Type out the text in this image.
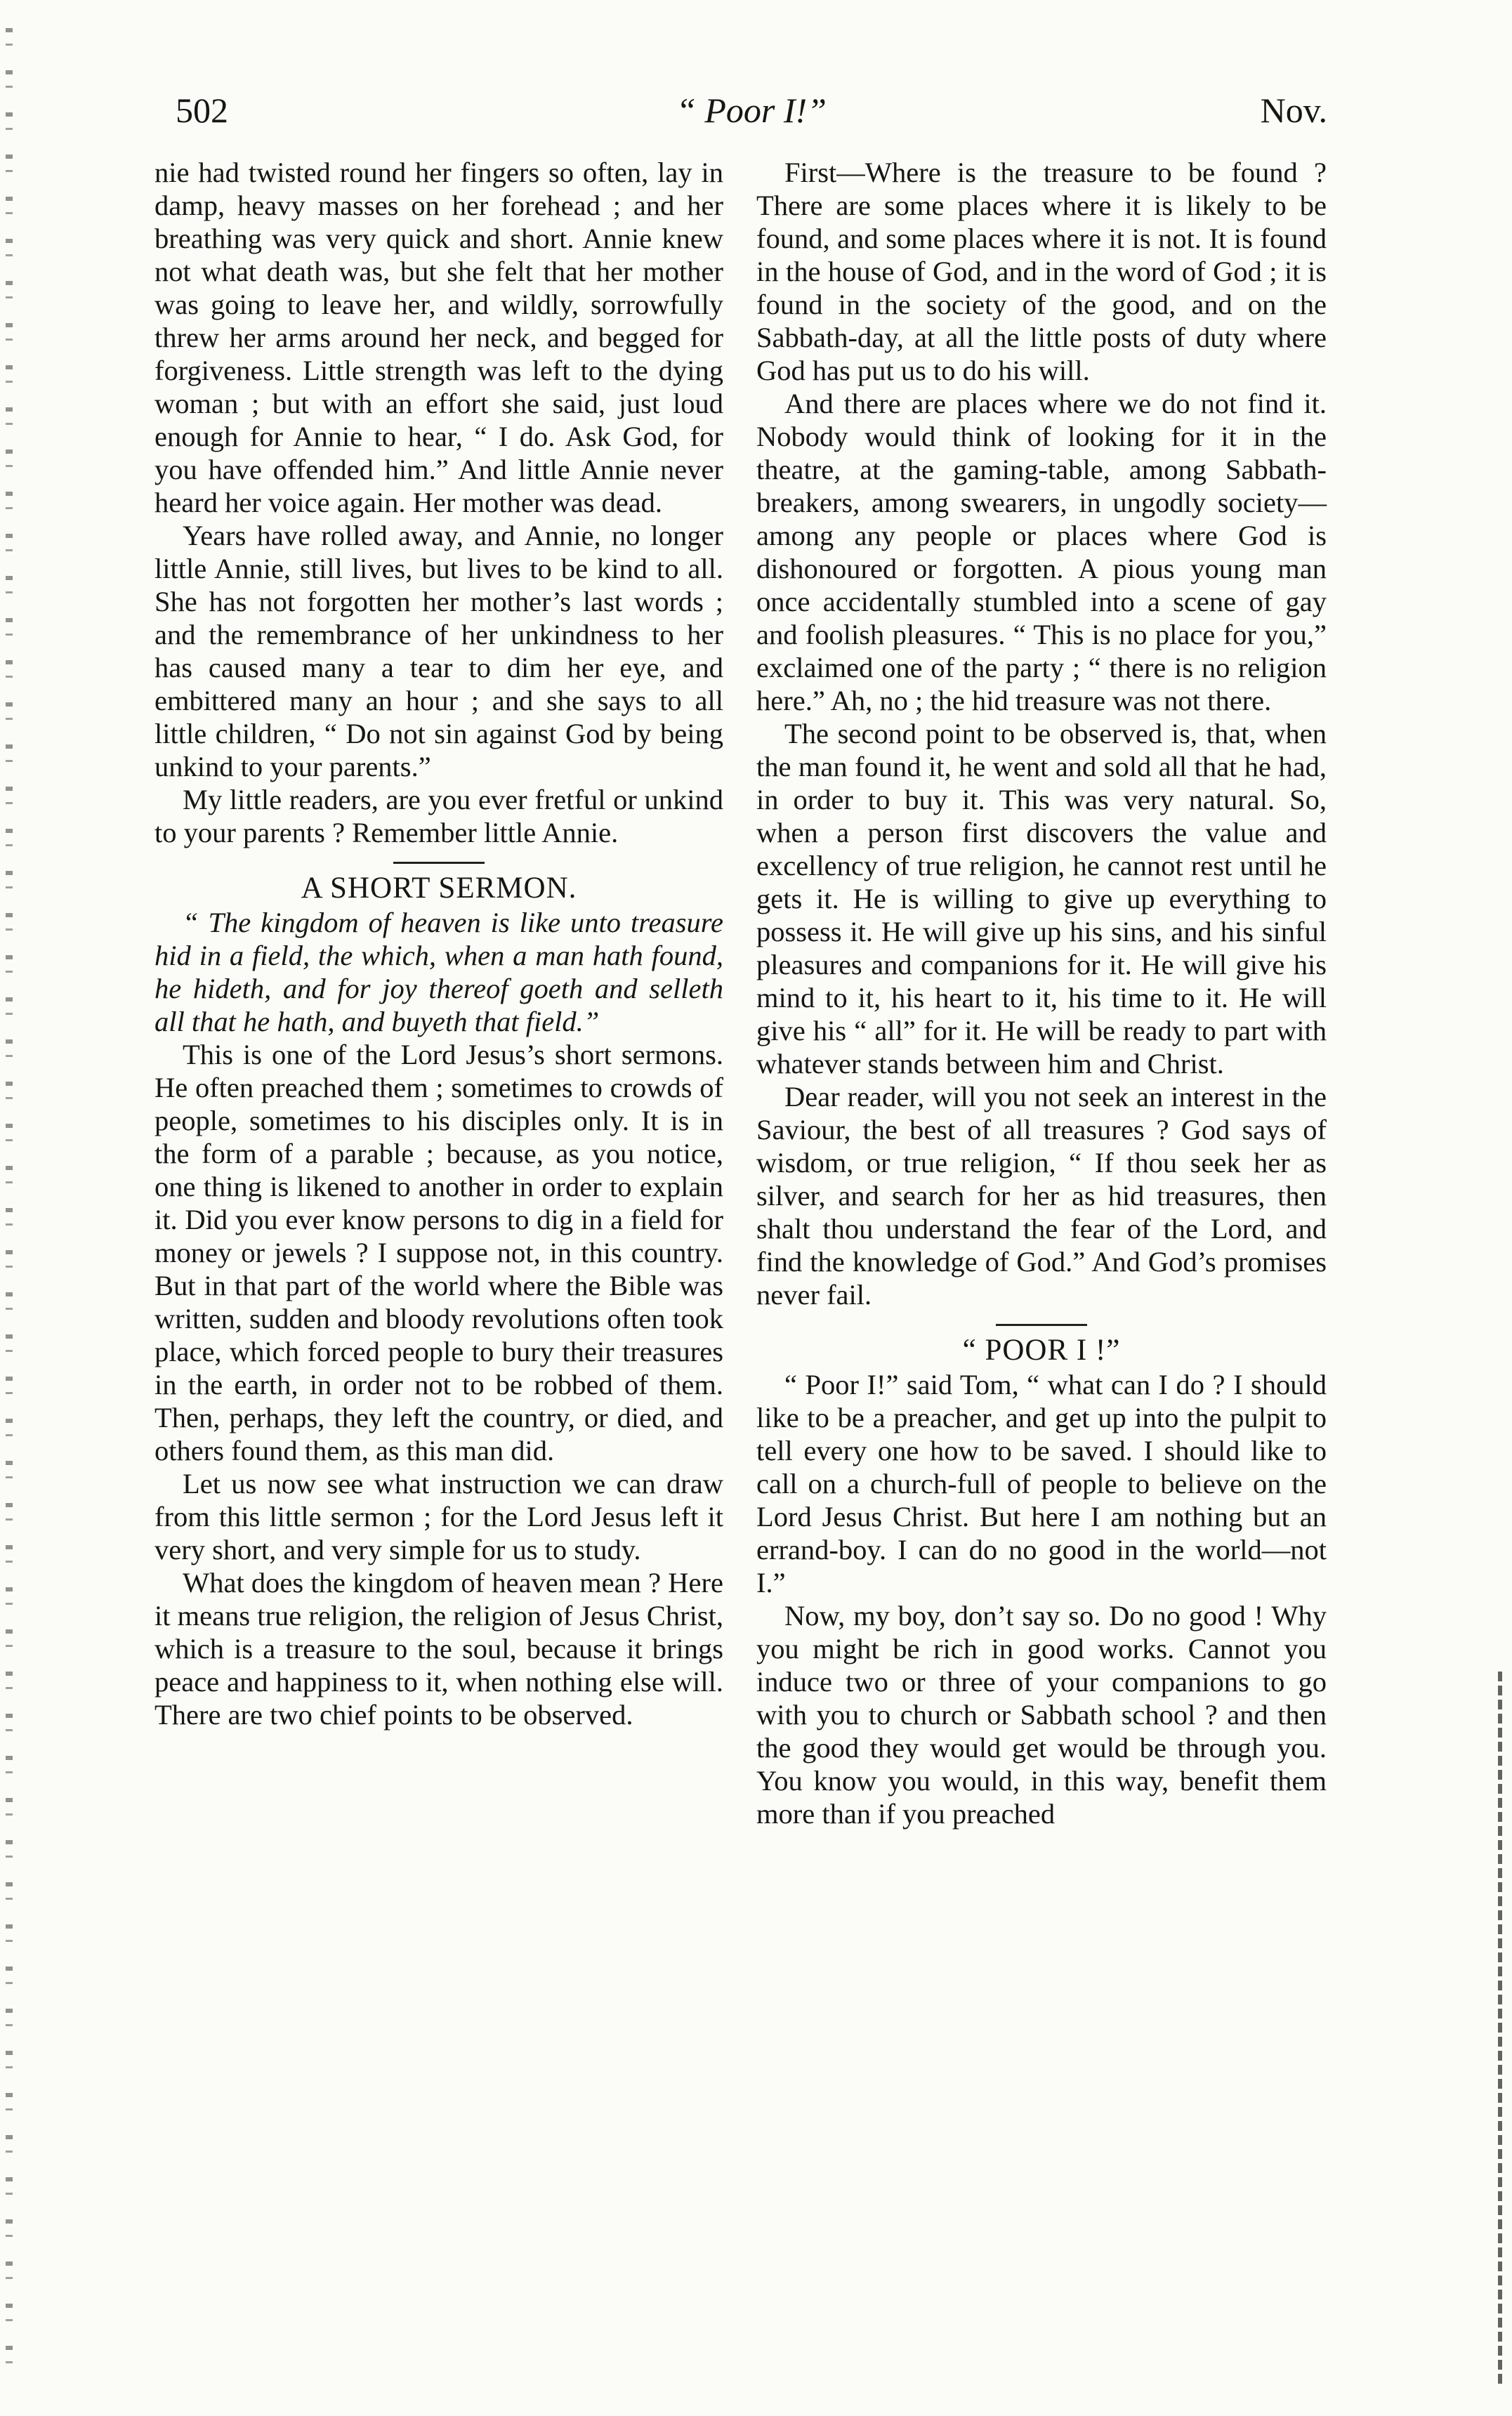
502	“ Poor I!”	Nov.

nie had twisted round her fingers so often, lay in damp, heavy masses on her forehead ; and her breathing was very quick and short. Annie knew not what death was, but she felt that her mother was going to leave her, and wildly, sorrowfully threw her arms around her neck, and begged for forgiveness. Little strength was left to the dying woman ; but with an effort she said, just loud enough for Annie to hear, “ I do. Ask God, for you have offended him.” And little Annie never heard her voice again. Her mother was dead.

Years have rolled away, and Annie, no longer little Annie, still lives, but lives to be kind to all. She has not forgotten her mother’s last words ; and the remembrance of her unkindness to her has caused many a tear to dim her eye, and embittered many an hour ; and she says to all little children, “ Do not sin against God by being unkind to your parents.”

My little readers, are you ever fretful or unkind to your parents ? Remember little Annie.

A SHORT SERMON.

“ The kingdom of heaven is like unto treasure hid in a field, the which, when a man hath found, he hideth, and for joy thereof goeth and selleth all that he hath, and buyeth that field.”

This is one of the Lord Jesus’s short sermons. He often preached them ; sometimes to crowds of people, sometimes to his disciples only. It is in the form of a parable ; because, as you notice, one thing is likened to another in order to explain it. Did you ever know persons to dig in a field for money or jewels ? I suppose not, in this country. But in that part of the world where the Bible was written, sudden and bloody revolutions often took place, which forced people to bury their treasures in the earth, in order not to be robbed of them. Then, perhaps, they left the country, or died, and others found them, as this man did.

Let us now see what instruction we can draw from this little sermon ; for the Lord Jesus left it very short, and very simple for us to study.

What does the kingdom of heaven mean ? Here it means true religion, the religion of Jesus Christ, which is a treasure to the soul, because it brings peace and happiness to it, when nothing else will. There are two chief points to be observed.

First—Where is the treasure to be found ? There are some places where it is likely to be found, and some places where it is not. It is found in the house of God, and in the word of God ; it is found in the society of the good, and on the Sabbath-day, at all the little posts of duty where God has put us to do his will.

And there are places where we do not find it. Nobody would think of looking for it in the theatre, at the gaming-table, among Sabbath-breakers, among swearers, in ungodly society—among any people or places where God is dishonoured or forgotten. A pious young man once accidentally stumbled into a scene of gay and foolish pleasures. “ This is no place for you,” exclaimed one of the party ; “ there is no religion here.” Ah, no ; the hid treasure was not there.

The second point to be observed is, that, when the man found it, he went and sold all that he had, in order to buy it. This was very natural. So, when a person first discovers the value and excellency of true religion, he cannot rest until he gets it. He is willing to give up everything to possess it. He will give up his sins, and his sinful pleasures and companions for it. He will give his mind to it, his heart to it, his time to it. He will give his “ all” for it. He will be ready to part with whatever stands between him and Christ.

Dear reader, will you not seek an interest in the Saviour, the best of all treasures ? God says of wisdom, or true religion, “ If thou seek her as silver, and search for her as hid treasures, then shalt thou understand the fear of the Lord, and find the knowledge of God.” And God’s promises never fail.

“ POOR I !”

“ Poor I!” said Tom, “ what can I do ? I should like to be a preacher, and get up into the pulpit to tell every one how to be saved. I should like to call on a church-full of people to believe on the Lord Jesus Christ. But here I am nothing but an errand-boy. I can do no good in the world—not I.”

Now, my boy, don’t say so. Do no good ! Why you might be rich in good works. Cannot you induce two or three of your companions to go with you to church or Sabbath school ? and then the good they would get would be through you. You know you would, in this way, benefit them more than if you preached
